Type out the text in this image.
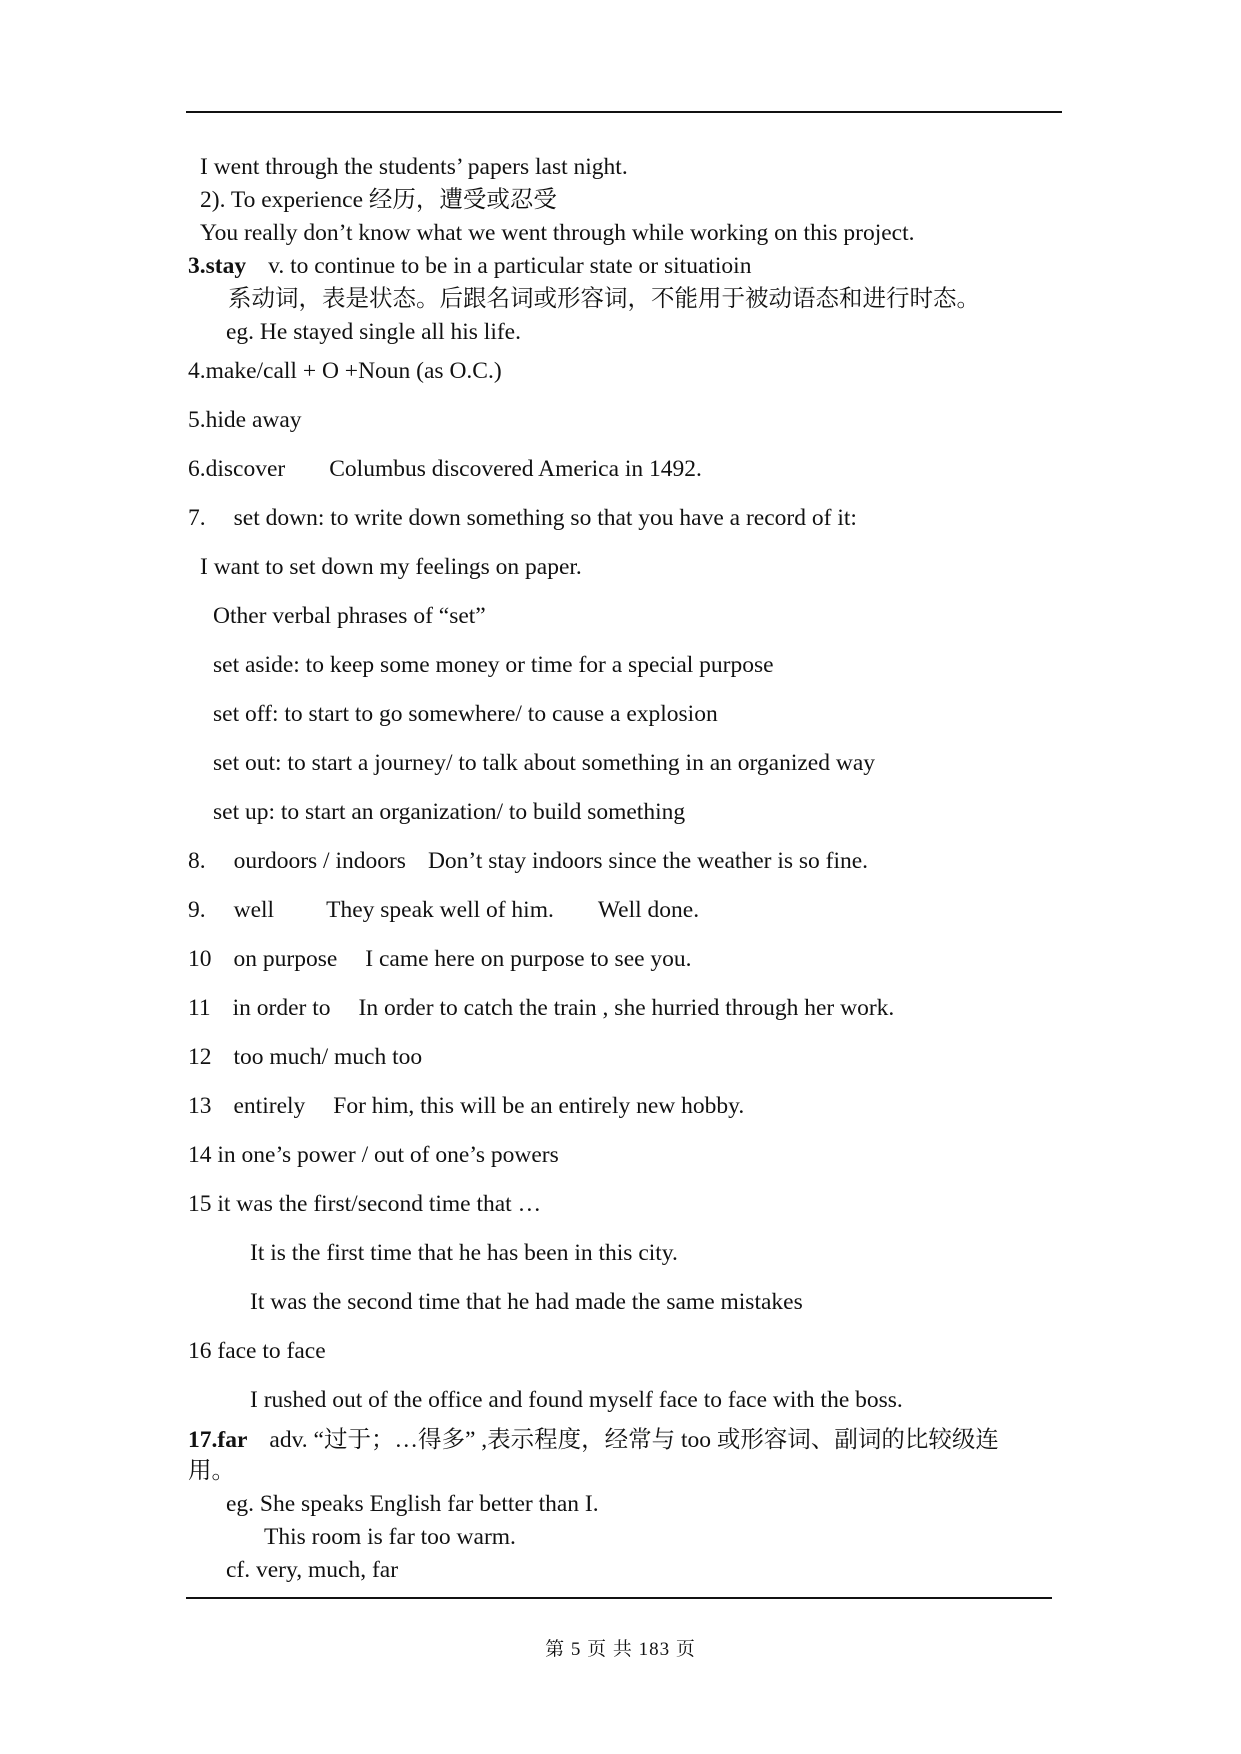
I went through the students’ papers last night.
2). To experience 经历，遭受或忍受
You really don’t know what we went through while working on this project.
3.stay v. to continue to be in a particular state or situatioin
系动词，表是状态。后跟名词或形容词，不能用于被动语态和进行时态。
eg. He stayed single all his life.
4.make/call + O +Noun (as O.C.)
5.hide away
6.discover Columbus discovered America in 1492.
7. set down: to write down something so that you have a record of it:
I want to set down my feelings on paper.
Other verbal phrases of “set”
set aside: to keep some money or time for a special purpose
set off: to start to go somewhere/ to cause a explosion
set out: to start a journey/ to talk about something in an organized way
set up: to start an organization/ to build something
8. ourdoors / indoors Don’t stay indoors since the weather is so fine.
9. well They speak well of him. Well done.
10 on purpose I came here on purpose to see you.
11 in order to In order to catch the train , she hurried through her work.
12 too much/ much too
13 entirely For him, this will be an entirely new hobby.
14 in one’s power / out of one’s powers
15 it was the first/second time that …
It is the first time that he has been in this city.
It was the second time that he had made the same mistakes
16 face to face
I rushed out of the office and found myself face to face with the boss.
17.far adv. “过于；…得多” ,表示程度，经常与 too 或形容词、副词的比较级连
用。
eg. She speaks English far better than I.
This room is far too warm.
cf. very, much, far
第 5 页 共 183 页
